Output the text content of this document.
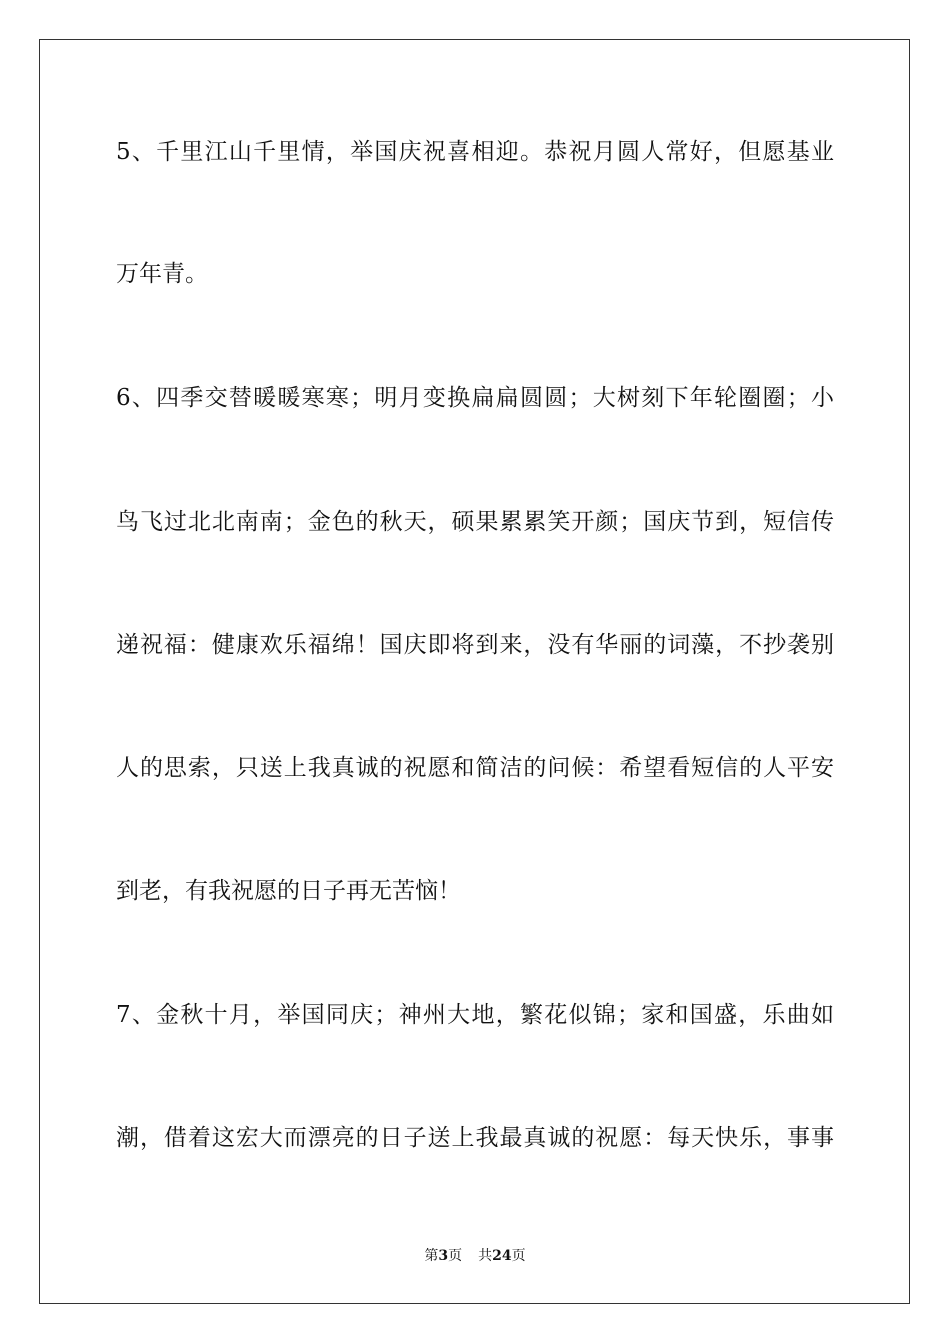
5、千里江山千里情，举国庆祝喜相迎。恭祝月圆人常好，但愿基业
万年青。
6、四季交替暖暖寒寒；明月变换扁扁圆圆；大树刻下年轮圈圈；小
鸟飞过北北南南；金色的秋天，硕果累累笑开颜；国庆节到，短信传
递祝福：健康欢乐福绵！国庆即将到来，没有华丽的词藻，不抄袭别
人的思索，只送上我真诚的祝愿和简洁的问候：希望看短信的人平安
到老，有我祝愿的日子再无苦恼！
7、金秋十月，举国同庆；神州大地，繁花似锦；家和国盛，乐曲如
潮，借着这宏大而漂亮的日子送上我最真诚的祝愿：每天快乐，事事
第3页 共24页
